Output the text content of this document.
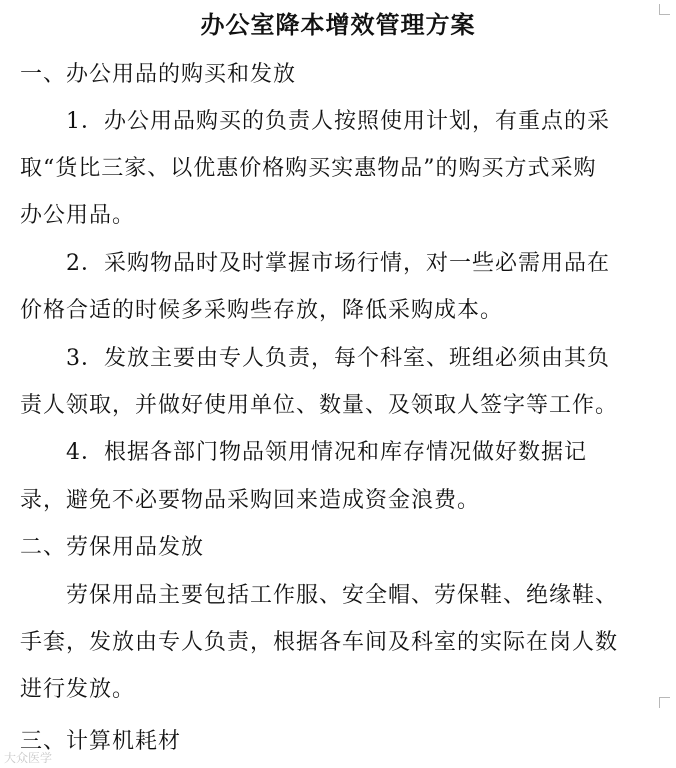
办公室降本增效管理方案
一、办公用品的购买和发放
1．办公用品购买的负责人按照使用计划，有重点的采
取“货比三家、以优惠价格购买实惠物品”的购买方式采购
办公用品。
2．采购物品时及时掌握市场行情，对一些必需用品在
价格合适的时候多采购些存放，降低采购成本。
3．发放主要由专人负责，每个科室、班组必须由其负
责人领取，并做好使用单位、数量、及领取人签字等工作。
4．根据各部门物品领用情况和库存情况做好数据记
录，避免不必要物品采购回来造成资金浪费。
二、劳保用品发放
劳保用品主要包括工作服、安全帽、劳保鞋、绝缘鞋、
手套，发放由专人负责，根据各车间及科室的实际在岗人数
进行发放。
三、计算机耗材
大众医学
